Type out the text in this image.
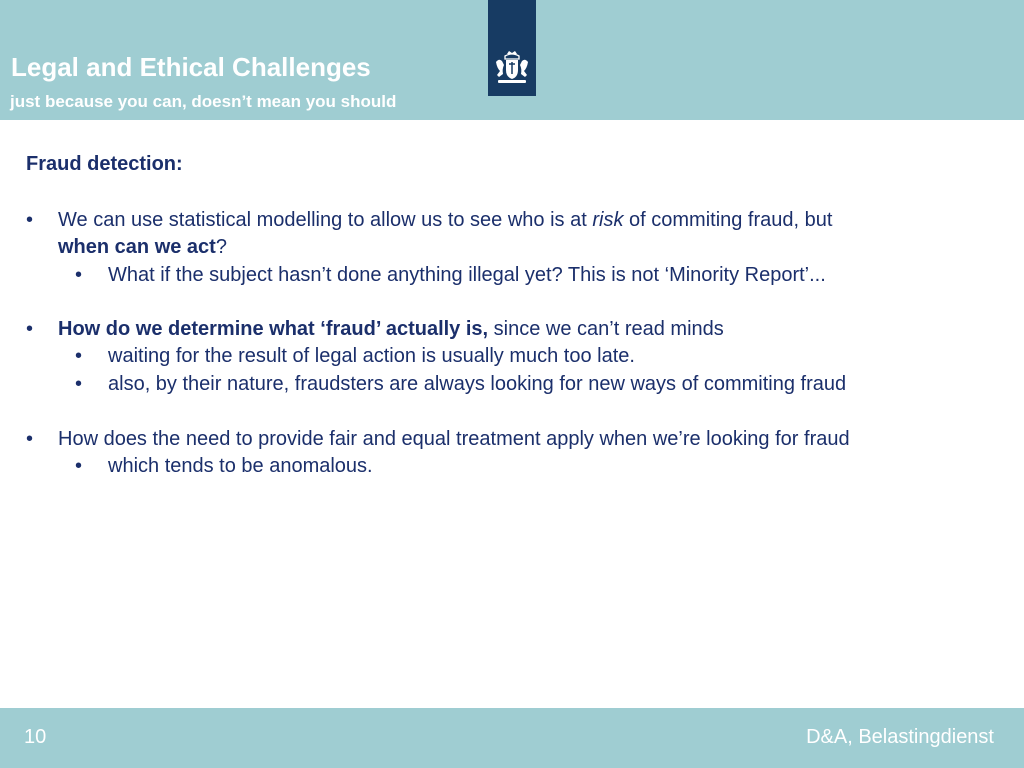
Legal and Ethical Challenges
just because you can, doesn’t mean you should
Fraud detection:
• We can use statistical modelling to allow us to see who is at risk of commiting fraud, but
when can we act?
• What if the subject hasn’t done anything illegal yet? This is not ‘Minority Report’...
• How do we determine what ‘fraud’ actually is, since we can’t read minds
• waiting for the result of legal action is usually much too late.
• also, by their nature, fraudsters are always looking for new ways of commiting fraud
• How does the need to provide fair and equal treatment apply when we’re looking for fraud
• which tends to be anomalous.
10	D&A, Belastingdienst
